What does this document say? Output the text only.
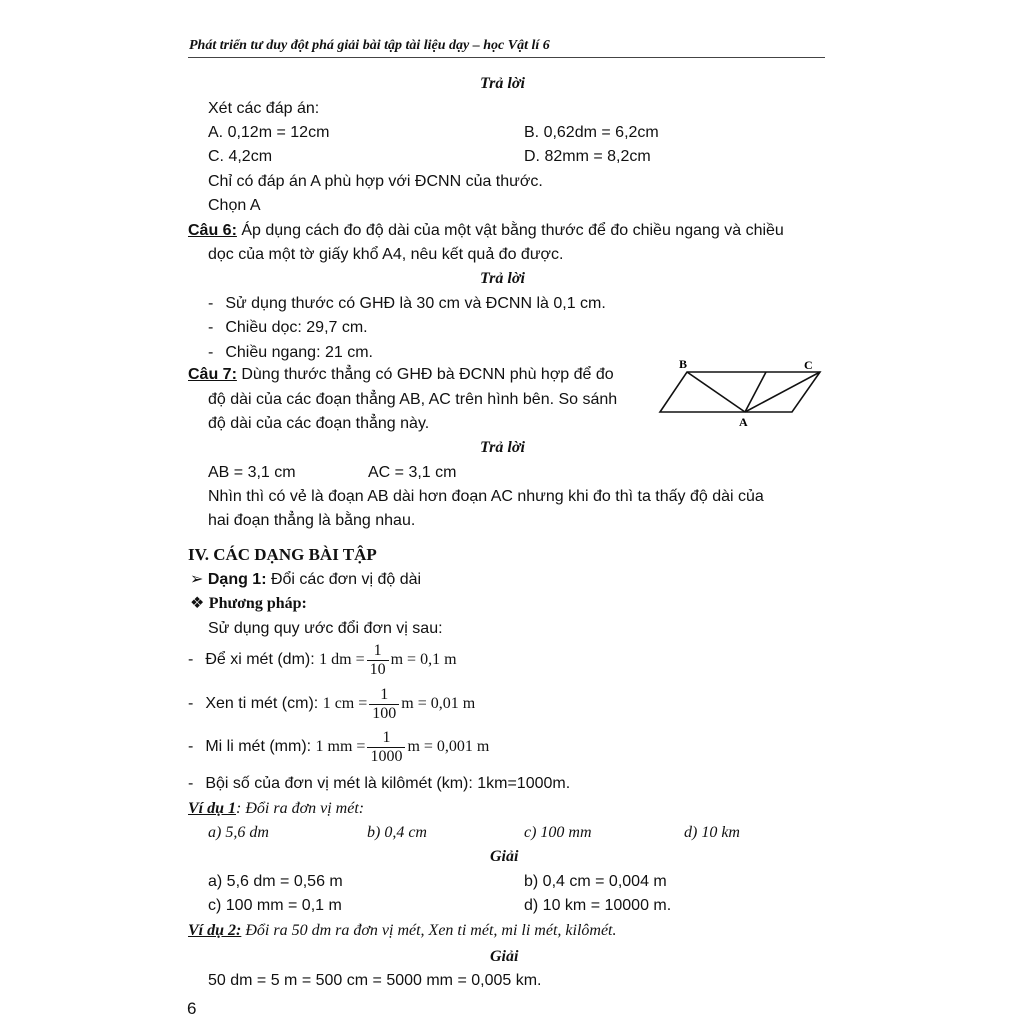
Phát triển tư duy đột phá giải bài tập tài liệu dạy – học Vật lí 6
Trả lời
Xét các đáp án:
A. 0,12m = 12cm	B. 0,62dm = 6,2cm
C. 4,2cm	D. 82mm = 8,2cm
Chỉ có đáp án A phù hợp với ĐCNN của thước.
Chọn A
Câu 6: Áp dụng cách đo độ dài của một vật bằng thước để đo chiều ngang và chiều
dọc của một tờ giấy khổ A4, nêu kết quả đo được.
Trả lời
- Sử dụng thước có GHĐ là 30 cm và ĐCNN là 0,1 cm.
- Chiều dọc: 29,7 cm.
- Chiều ngang: 21 cm.
Câu 7: Dùng thước thẳng có GHĐ bà ĐCNN phù hợp để đo
độ dài của các đoạn thẳng AB, AC trên hình bên. So sánh
độ dài của các đoạn thẳng này.
B	C
A
Trả lời
AB = 3,1 cm	AC = 3,1 cm
Nhìn thì có vẻ là đoạn AB dài hơn đoạn AC nhưng khi đo thì ta thấy độ dài của
hai đoạn thẳng là bằng nhau.
IV. CÁC DẠNG BÀI TẬP
➢ Dạng 1: Đổi các đơn vị độ dài
❖ Phương pháp:
Sử dụng quy ước đổi đơn vị sau:
- Để xi mét (dm): 1 dm = $\frac{1}{10}$ m = 0,1 m
- Xen ti mét (cm): 1 cm = $\frac{1}{100}$ m = 0,01 m
- Mi li mét (mm): 1 mm = $\frac{1}{1000}$ m = 0,001 m
- Bội số của đơn vị mét là kilômét (km): 1km=1000m.
Ví dụ 1: Đổi ra đơn vị mét:
a) 5,6 dm	b) 0,4 cm	c) 100 mm	d) 10 km
Giải
a) 5,6 dm = 0,56 m	b) 0,4 cm = 0,004 m
c) 100 mm = 0,1 m	d) 10 km = 10000 m.
Ví dụ 2: Đổi ra 50 dm ra đơn vị mét, Xen ti mét, mi li mét, kilômét.
Giải
50 dm = 5 m = 500 cm = 5000 mm = 0,005 km.
6
